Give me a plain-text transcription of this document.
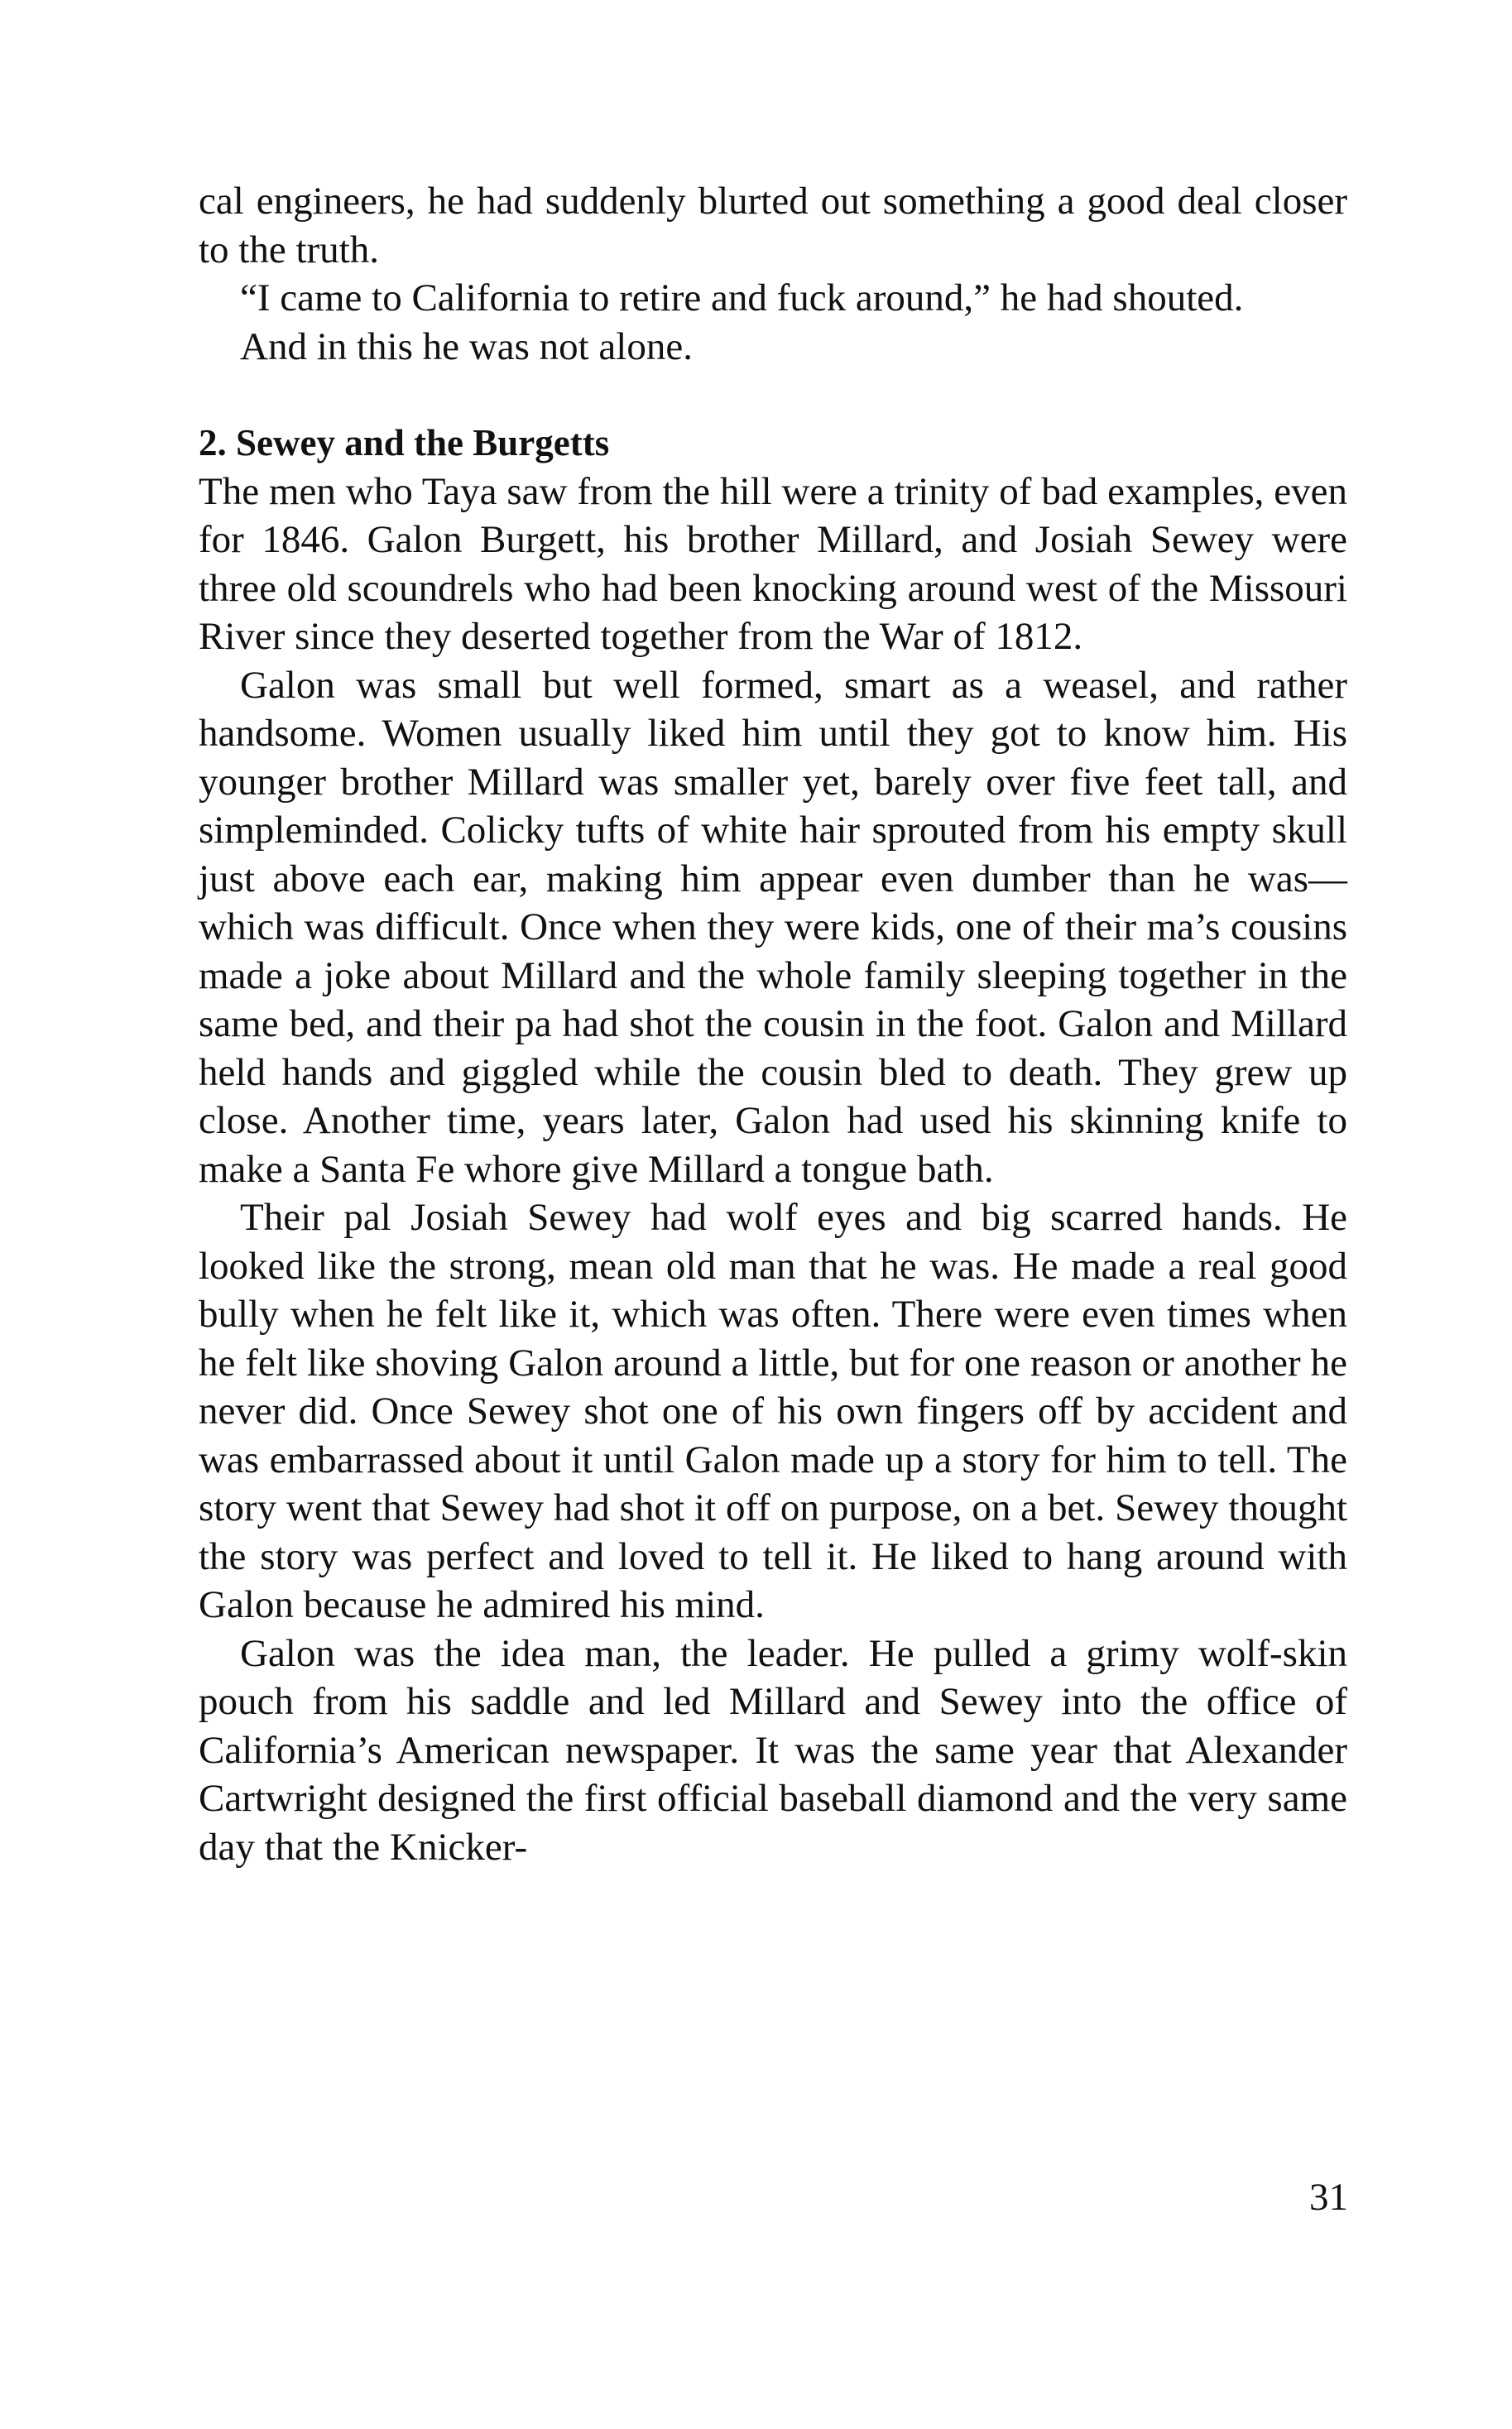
cal engineers, he had suddenly blurted out something a good deal closer to the truth.

“I came to California to retire and fuck around,” he had shouted.

And in this he was not alone.

2. Sewey and the Burgetts

The men who Taya saw from the hill were a trinity of bad examples, even for 1846. Galon Burgett, his brother Millard, and Josiah Sewey were three old scoundrels who had been knocking around west of the Missouri River since they deserted together from the War of 1812.

Galon was small but well formed, smart as a weasel, and rather handsome. Women usually liked him until they got to know him. His younger brother Millard was smaller yet, barely over five feet tall, and simpleminded. Colicky tufts of white hair sprouted from his empty skull just above each ear, making him appear even dumber than he was—which was difficult. Once when they were kids, one of their ma’s cousins made a joke about Millard and the whole family sleeping together in the same bed, and their pa had shot the cousin in the foot. Galon and Millard held hands and giggled while the cousin bled to death. They grew up close. Another time, years later, Galon had used his skinning knife to make a Santa Fe whore give Millard a tongue bath.

Their pal Josiah Sewey had wolf eyes and big scarred hands. He looked like the strong, mean old man that he was. He made a real good bully when he felt like it, which was often. There were even times when he felt like shoving Galon around a little, but for one reason or another he never did. Once Sewey shot one of his own fingers off by accident and was embarrassed about it until Galon made up a story for him to tell. The story went that Sewey had shot it off on purpose, on a bet. Sewey thought the story was perfect and loved to tell it. He liked to hang around with Galon because he admired his mind.

Galon was the idea man, the leader. He pulled a grimy wolf-skin pouch from his saddle and led Millard and Sewey into the office of California’s American newspaper. It was the same year that Alexander Cartwright designed the first official baseball diamond and the very same day that the Knicker-

31
